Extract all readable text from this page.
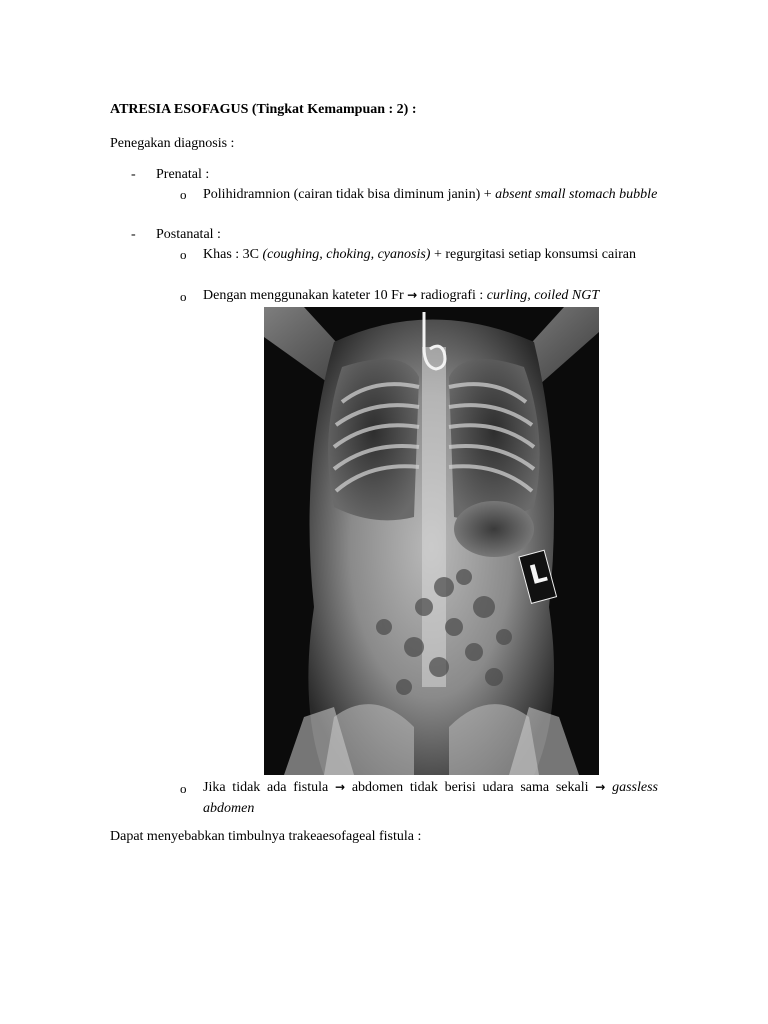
ATRESIA ESOFAGUS (Tingkat Kemampuan : 2) :
Penegakan diagnosis :
- Prenatal :
o Polihidramnion (cairan tidak bisa diminum janin) + absent small stomach bubble
- Postanatal :
o Khas : 3C (coughing, choking, cyanosis) + regurgitasi setiap konsumsi cairan
o Dengan menggunakan kateter 10 Fr → radiografi : curling, coiled NGT
L
o Jika tidak ada fistula → abdomen tidak berisi udara sama sekali → gassless abdomen
Dapat menyebabkan timbulnya trakeaesofageal fistula :
